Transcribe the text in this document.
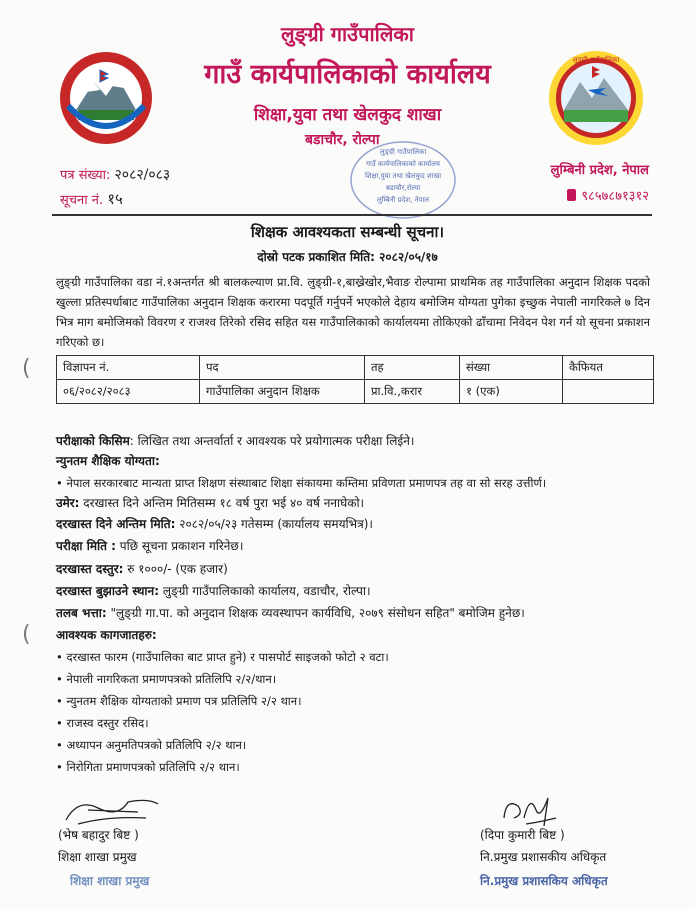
लुङ्ग्री गाउँपालिका
लुङ्ग्री गाउँपालिका
गाउँ कार्यपालिकाको कार्यालय
शिक्षा,युवा तथा खेलकुद शाखा
बडाचौर, रोल्पा
लुङ्ग्री गाउँपालिका
गाउँ कार्यपालिकाको कार्यालय
शिक्षा,युवा तथा खेलकुद शाखा
बडाचौर,रोल्पा
लुम्बिनी प्रदेश, नेपाल
पत्र संख्या: २०८२/०८३
सूचना नं. १५
लुम्बिनी प्रदेश, नेपाल
९८५७८७१३१२
शिक्षक आवश्यकता सम्बन्धी सूचना।
दोस्रो पटक प्रकाशित मिति: २०८२/०५/१७
लुङ्ग्री गाउँपालिका वडा नं.१अन्तर्गत श्री बालकल्याण प्रा.वि. लुङ्ग्री-१,बाख्रेखोर,भैवाङ रोल्पामा प्राथमिक तह गाउँपालिका अनुदान शिक्षक पदको खुल्ला प्रतिस्पर्धाबाट गाउँपालिका अनुदान शिक्षक करारमा पदपूर्ति गर्नुपर्ने भएकोले देहाय बमोजिम योग्यता पुगेका इच्छुक नेपाली नागरिकले ७ दिन भित्र माग बमोजिमको विवरण र राजश्व तिरेको रसिद सहित यस गाउँपालिकाको कार्यालयमा तोकिएको ढाँचामा निवेदन पेश गर्न यो सूचना प्रकाशन गरिएको छ।
विज्ञापन नं.	पद	तह	संख्या	कैफियत
०६/२०८२/२०८३	गाउँपालिका अनुदान शिक्षक	प्रा.वि.,करार	१ (एक)	
(
(
परीक्षाको किसिम: लिखित तथा अन्तर्वार्ता र आवश्यक परे प्रयोगात्मक परीक्षा लिईने।
न्युनतम शैक्षिक योग्यता:
• नेपाल सरकारबाट मान्यता प्राप्त शिक्षण संस्थाबाट शिक्षा संकायमा कम्तिमा प्रविणता प्रमाणपत्र तह वा सो सरह उत्तीर्ण।
उमेर: दरखास्त दिने अन्तिम मितिसम्म १८ वर्ष पुरा भई ४० वर्ष ननाघेको।
दरखास्त दिने अन्तिम मिति: २०८२/०५/२३ गतेसम्म (कार्यालय समयभित्र)।
परीक्षा मिति : पछि सूचना प्रकाशन गरिनेछ।
दरखास्त दस्तुर: रु १०००/- (एक हजार)
दरखास्त बुझाउने स्थान: लुङ्ग्री गाउँपालिकाको कार्यालय, वडाचौर, रोल्पा।
तलब भत्ता: "लुङ्ग्री गा.पा. को अनुदान शिक्षक व्यवस्थापन कार्यविधि, २०७९ संसोधन सहित" बमोजिम हुनेछ।
आवश्यक कागजातहरु:
• दरखास्त फारम (गाउँपालिका बाट प्राप्त हुने) र पासपोर्ट साइजको फोटो २ वटा।
• नेपाली नागरिकता प्रमाणपत्रको प्रतिलिपि २/२/थान।
• न्युनतम शैक्षिक योग्यताको प्रमाण पत्र प्रतिलिपि २/२ थान।
• राजस्व दस्तुर रसिद।
• अध्यापन अनुमतिपत्रको प्रतिलिपि २/२ थान।
• निरोगिता प्रमाणपत्रको प्रतिलिपि २/२ थान।
(भेष बहादुर बिष्ट )
शिक्षा शाखा प्रमुख
शिक्षा शाखा प्रमुख
(दिपा कुमारी बिष्ट )
नि.प्रमुख प्रशासकीय अधिकृत
नि.प्रमुख प्रशासकिय अधिकृत
